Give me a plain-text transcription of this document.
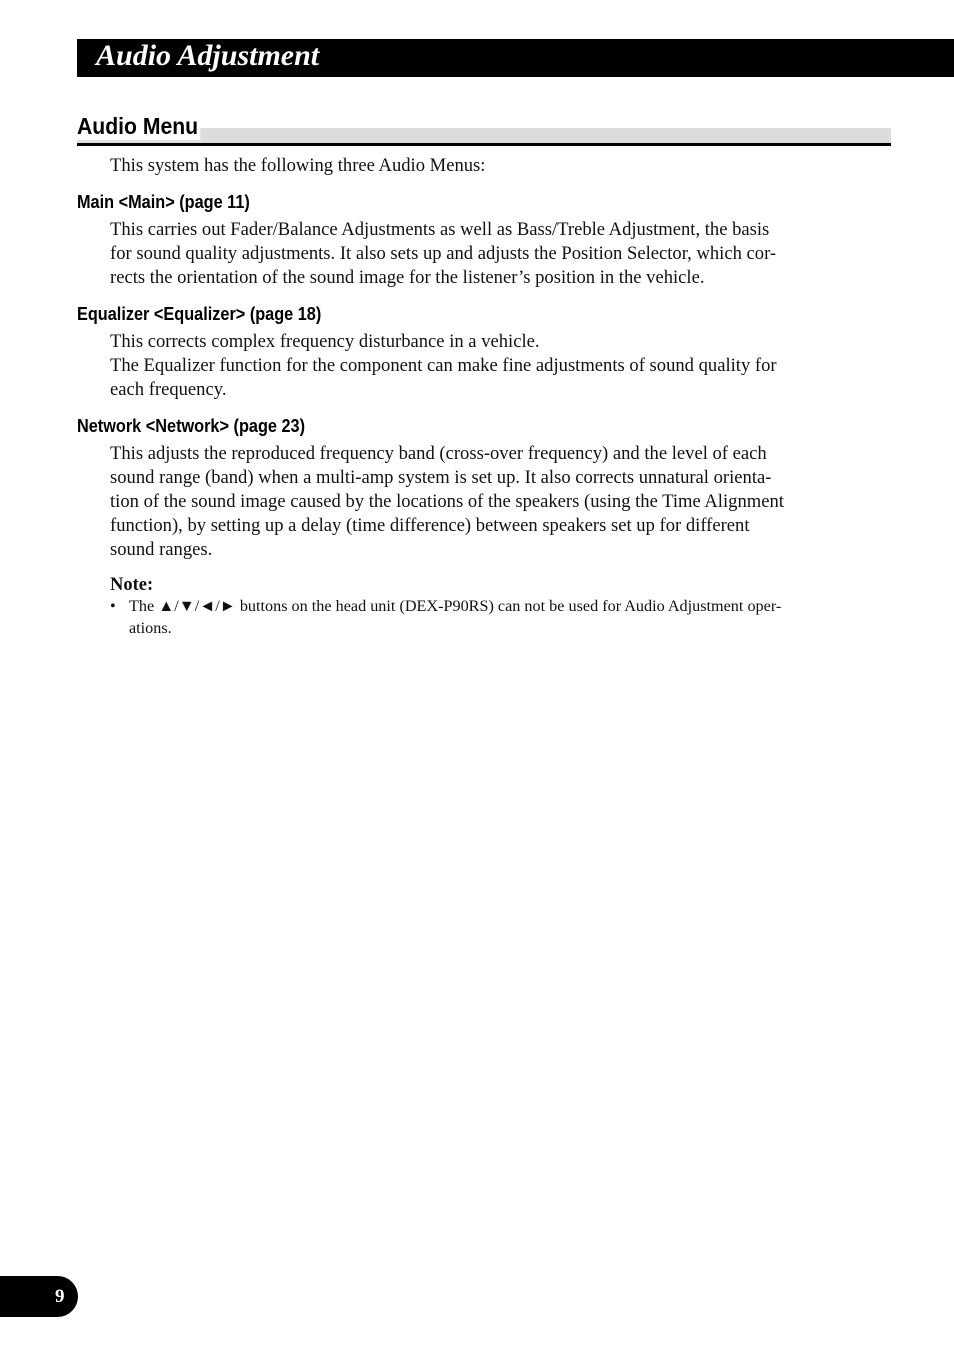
Audio Adjustment
Audio Menu

This system has the following three Audio Menus:

Main <Main> (page 11)

This carries out Fader/Balance Adjustments as well as Bass/Treble Adjustment, the basis
for sound quality adjustments. It also sets up and adjusts the Position Selector, which cor-
rects the orientation of the sound image for the listener’s position in the vehicle.

Equalizer <Equalizer> (page 18)

This corrects complex frequency disturbance in a vehicle.
The Equalizer function for the component can make fine adjustments of sound quality for
each frequency.

Network <Network> (page 23)

This adjusts the reproduced frequency band (cross-over frequency) and the level of each
sound range (band) when a multi-amp system is set up. It also corrects unnatural orienta-
tion of the sound image caused by the locations of the speakers (using the Time Alignment
function), by setting up a delay (time difference) between speakers set up for different
sound ranges.

Note:

• The ▲/▼/◄/► buttons on the head unit (DEX-P90RS) can not be used for Audio Adjustment oper-
ations.
9
